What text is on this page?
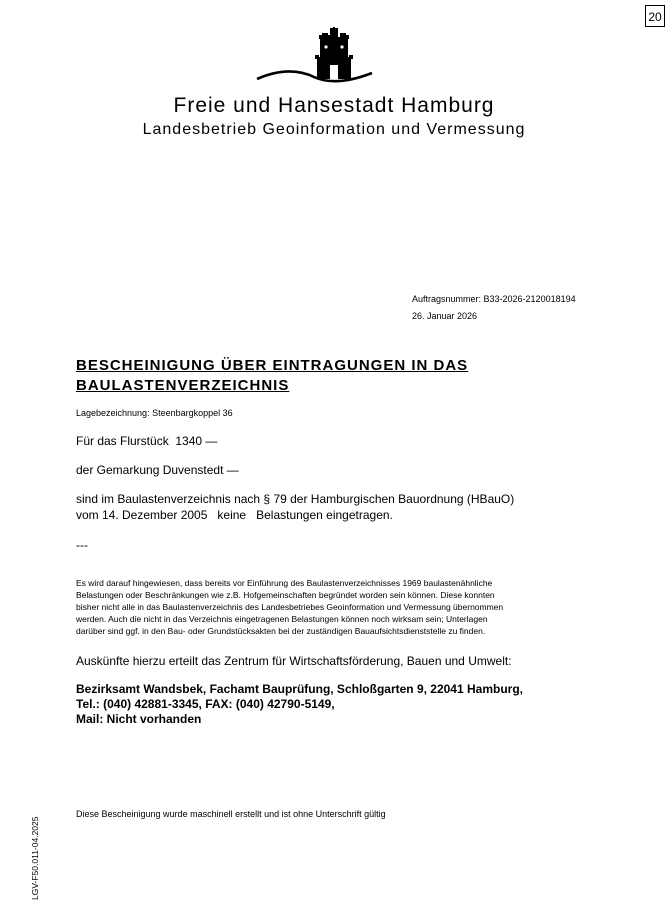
20
Freie und Hansestadt Hamburg
Landesbetrieb Geoinformation und Vermessung
Auftragsnummer: B33-2026-2120018194
26. Januar 2026
BESCHEINIGUNG ÜBER EINTRAGUNGEN IN DAS
BAULASTENVERZEICHNIS
Lagebezeichnung: Steenbargkoppel 36
Für das Flurstück  1340 —
der Gemarkung Duvenstedt —
sind im Baulastenverzeichnis nach § 79 der Hamburgischen Bauordnung (HBauO)
vom 14. Dezember 2005   keine   Belastungen eingetragen.
---
Es wird darauf hingewiesen, dass bereits vor Einführung des Baulastenverzeichnisses 1969 baulastenähnliche
Belastungen oder Beschränkungen wie z.B. Hofgemeinschaften begründet worden sein können. Diese konnten
bisher nicht alle in das Baulastenverzeichnis des Landesbetriebes Geoinformation und Vermessung übernommen
werden. Auch die nicht in das Verzeichnis eingetragenen Belastungen können noch wirksam sein; Unterlagen
darüber sind ggf. in den Bau- oder Grundstücksakten bei der zuständigen Bauaufsichtsdienststelle zu finden.
Auskünfte hierzu erteilt das Zentrum für Wirtschaftsförderung, Bauen und Umwelt:
Bezirksamt Wandsbek, Fachamt Bauprüfung, Schloßgarten 9, 22041 Hamburg,
Tel.: (040) 42881-3345, FAX: (040) 42790-5149,
Mail: Nicht vorhanden
Diese Bescheinigung wurde maschinell erstellt und ist ohne Unterschrift gültig
LGV-F50.011-04.2025
